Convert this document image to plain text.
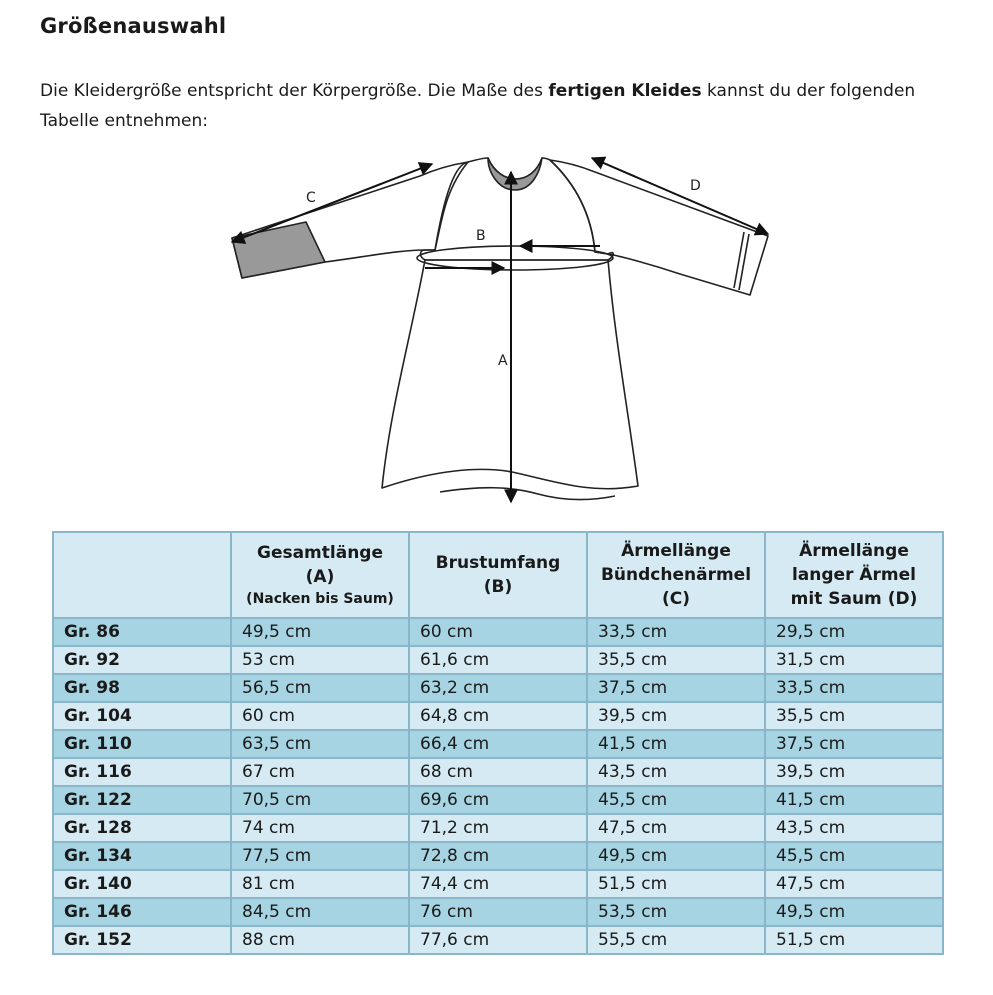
Größenauswahl
Die Kleidergröße entspricht der Körpergröße. Die Maße des fertigen Kleides kannst du der folgenden Tabelle entnehmen:
A
B
C
D
	Gesamtlänge
(A)
(Nacken bis Saum)	Brustumfang (B)	Ärmellänge
Bündchenärmel
(C)	Ärmellänge
langer Ärmel
mit Saum (D)
Gr. 86	49,5 cm	60 cm	33,5 cm	29,5 cm
Gr. 92	53 cm	61,6 cm	35,5 cm	31,5 cm
Gr. 98	56,5 cm	63,2 cm	37,5 cm	33,5 cm
Gr. 104	60 cm	64,8 cm	39,5 cm	35,5 cm
Gr. 110	63,5 cm	66,4 cm	41,5 cm	37,5 cm
Gr. 116	67 cm	68 cm	43,5 cm	39,5 cm
Gr. 122	70,5 cm	69,6 cm	45,5 cm	41,5 cm
Gr. 128	74 cm	71,2 cm	47,5 cm	43,5 cm
Gr. 134	77,5 cm	72,8 cm	49,5 cm	45,5 cm
Gr. 140	81 cm	74,4 cm	51,5 cm	47,5 cm
Gr. 146	84,5 cm	76 cm	53,5 cm	49,5 cm
Gr. 152	88 cm	77,6 cm	55,5 cm	51,5 cm
